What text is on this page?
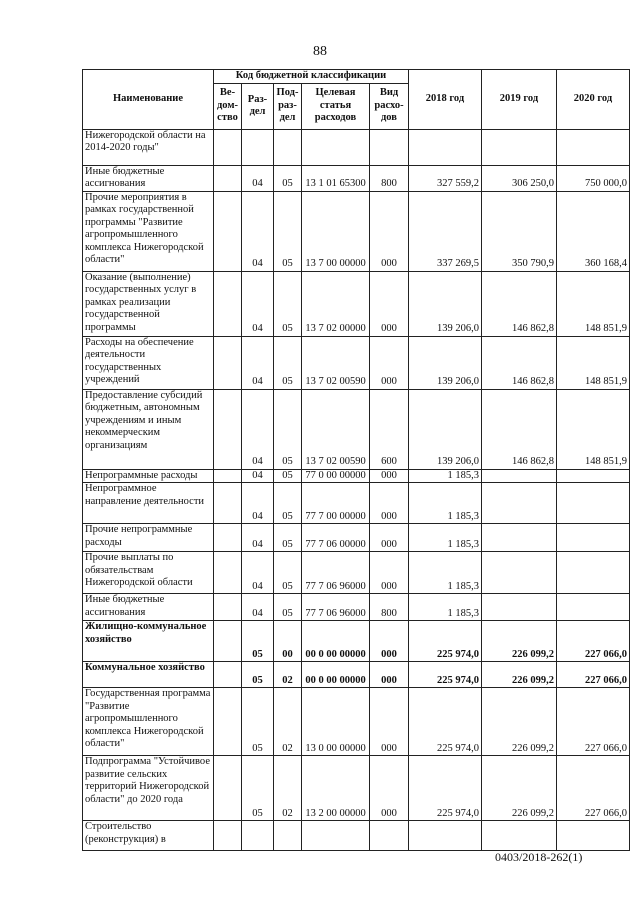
88
Наименование	Код бюджетной классификации					2018 год	2019 год	2020 год
	Ве-дом-ство	Раз-дел	Под-раз-дел	Целевая статья расходов	Вид расхо-дов			
Нижегородской области на 2014-2020 годы"								
Иные бюджетные ассигнования		04	05	13 1 01 65300	800	327 559,2	306 250,0	750 000,0
Прочие мероприятия в рамках государственной программы "Развитие агропромышленного комплекса Нижегородской области"		04	05	13 7 00 00000	000	337 269,5	350 790,9	360 168,4
Оказание (выполнение) государственных услуг в рамках реализации государственной программы		04	05	13 7 02 00000	000	139 206,0	146 862,8	148 851,9
Расходы на обеспечение деятельности государственных учреждений		04	05	13 7 02 00590	000	139 206,0	146 862,8	148 851,9
Предоставление субсидий бюджетным, автономным учреждениям и иным некоммерческим организациям		04	05	13 7 02 00590	600	139 206,0	146 862,8	148 851,9
Непрограммные расходы		04	05	77 0 00 00000	000	1 185,3		
Непрограммное направление деятельности		04	05	77 7 00 00000	000	1 185,3		
Прочие непрограммные расходы		04	05	77 7 06 00000	000	1 185,3		
Прочие выплаты по обязательствам Нижегородской области		04	05	77 7 06 96000	000	1 185,3		
Иные бюджетные ассигнования		04	05	77 7 06 96000	800	1 185,3		
Жилищно-коммунальное хозяйство		05	00	00 0 00 00000	000	225 974,0	226 099,2	227 066,0
Коммунальное хозяйство		05	02	00 0 00 00000	000	225 974,0	226 099,2	227 066,0
Государственная программа "Развитие агропромышленного комплекса Нижегородской области"		05	02	13 0 00 00000	000	225 974,0	226 099,2	227 066,0
Подпрограмма "Устойчивое развитие сельских территорий Нижегородской области" до 2020 года		05	02	13 2 00 00000	000	225 974,0	226 099,2	227 066,0
Строительство (реконструкция) в								
0403/2018-262(1)
